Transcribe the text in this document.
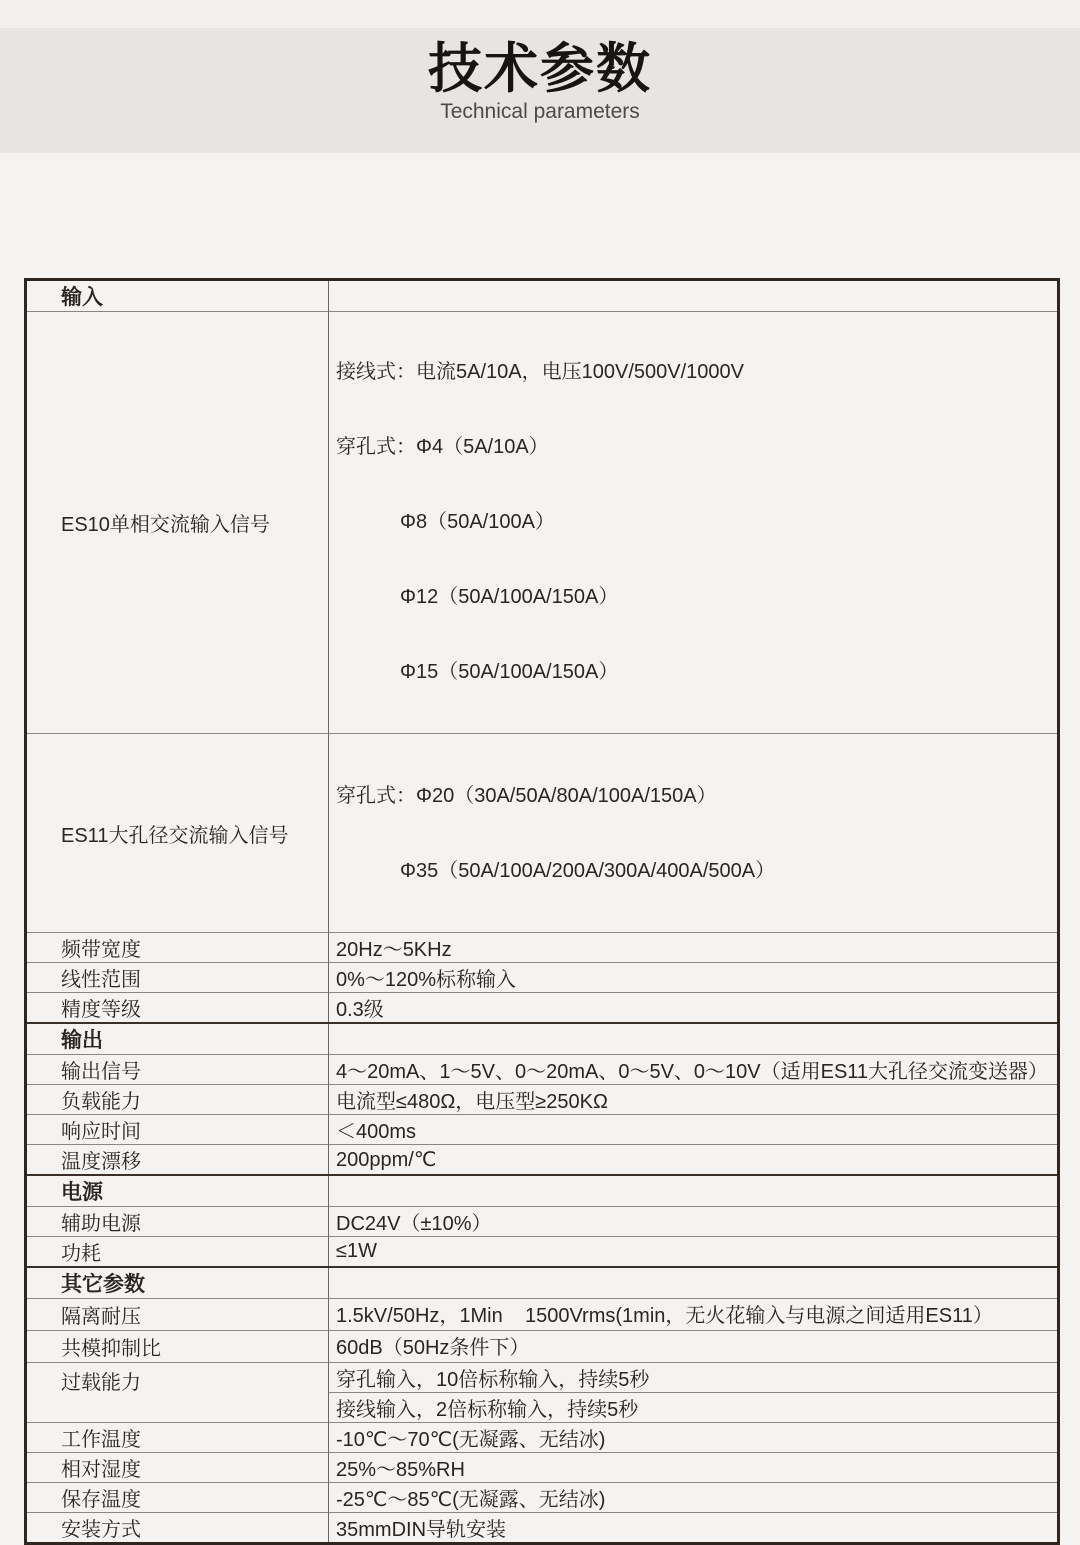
技术参数
Technical parameters
输入	
ES10单相交流输入信号	接线式：电流5A/10A，电压100V/500V/1000V

穿孔式：Φ4（5A/10A）

Φ8（50A/100A）

Φ12（50A/100A/150A）

Φ15（50A/100A/150A）

ES11大孔径交流输入信号	穿孔式：Φ20（30A/50A/80A/100A/150A）

Φ35（50A/100A/200A/300A/400A/500A）

频带宽度	20Hz～5KHz
线性范围	0%～120%标称输入
精度等级	0.3级
输出	
输出信号	4～20mA、1～5V、0～20mA、0～5V、0～10V（适用ES11大孔径交流变送器）
负载能力	电流型≤480Ω，电压型≥250KΩ
响应时间	＜400ms
温度漂移	200ppm/℃
电源	
辅助电源	DC24V（±10%）
功耗	≤1W
其它参数	
隔离耐压	1.5kV/50Hz，1Min    1500Vrms(1min，无火花输入与电源之间适用ES11）
共模抑制比	60dB（50Hz条件下）
过载能力	穿孔输入，10倍标称输入，持续5秒
	接线输入，2倍标称输入，持续5秒
工作温度	-10℃～70℃(无凝露、无结冰)
相对湿度	25%～85%RH
保存温度	-25℃～85℃(无凝露、无结冰)
安装方式	35mmDIN导轨安装
